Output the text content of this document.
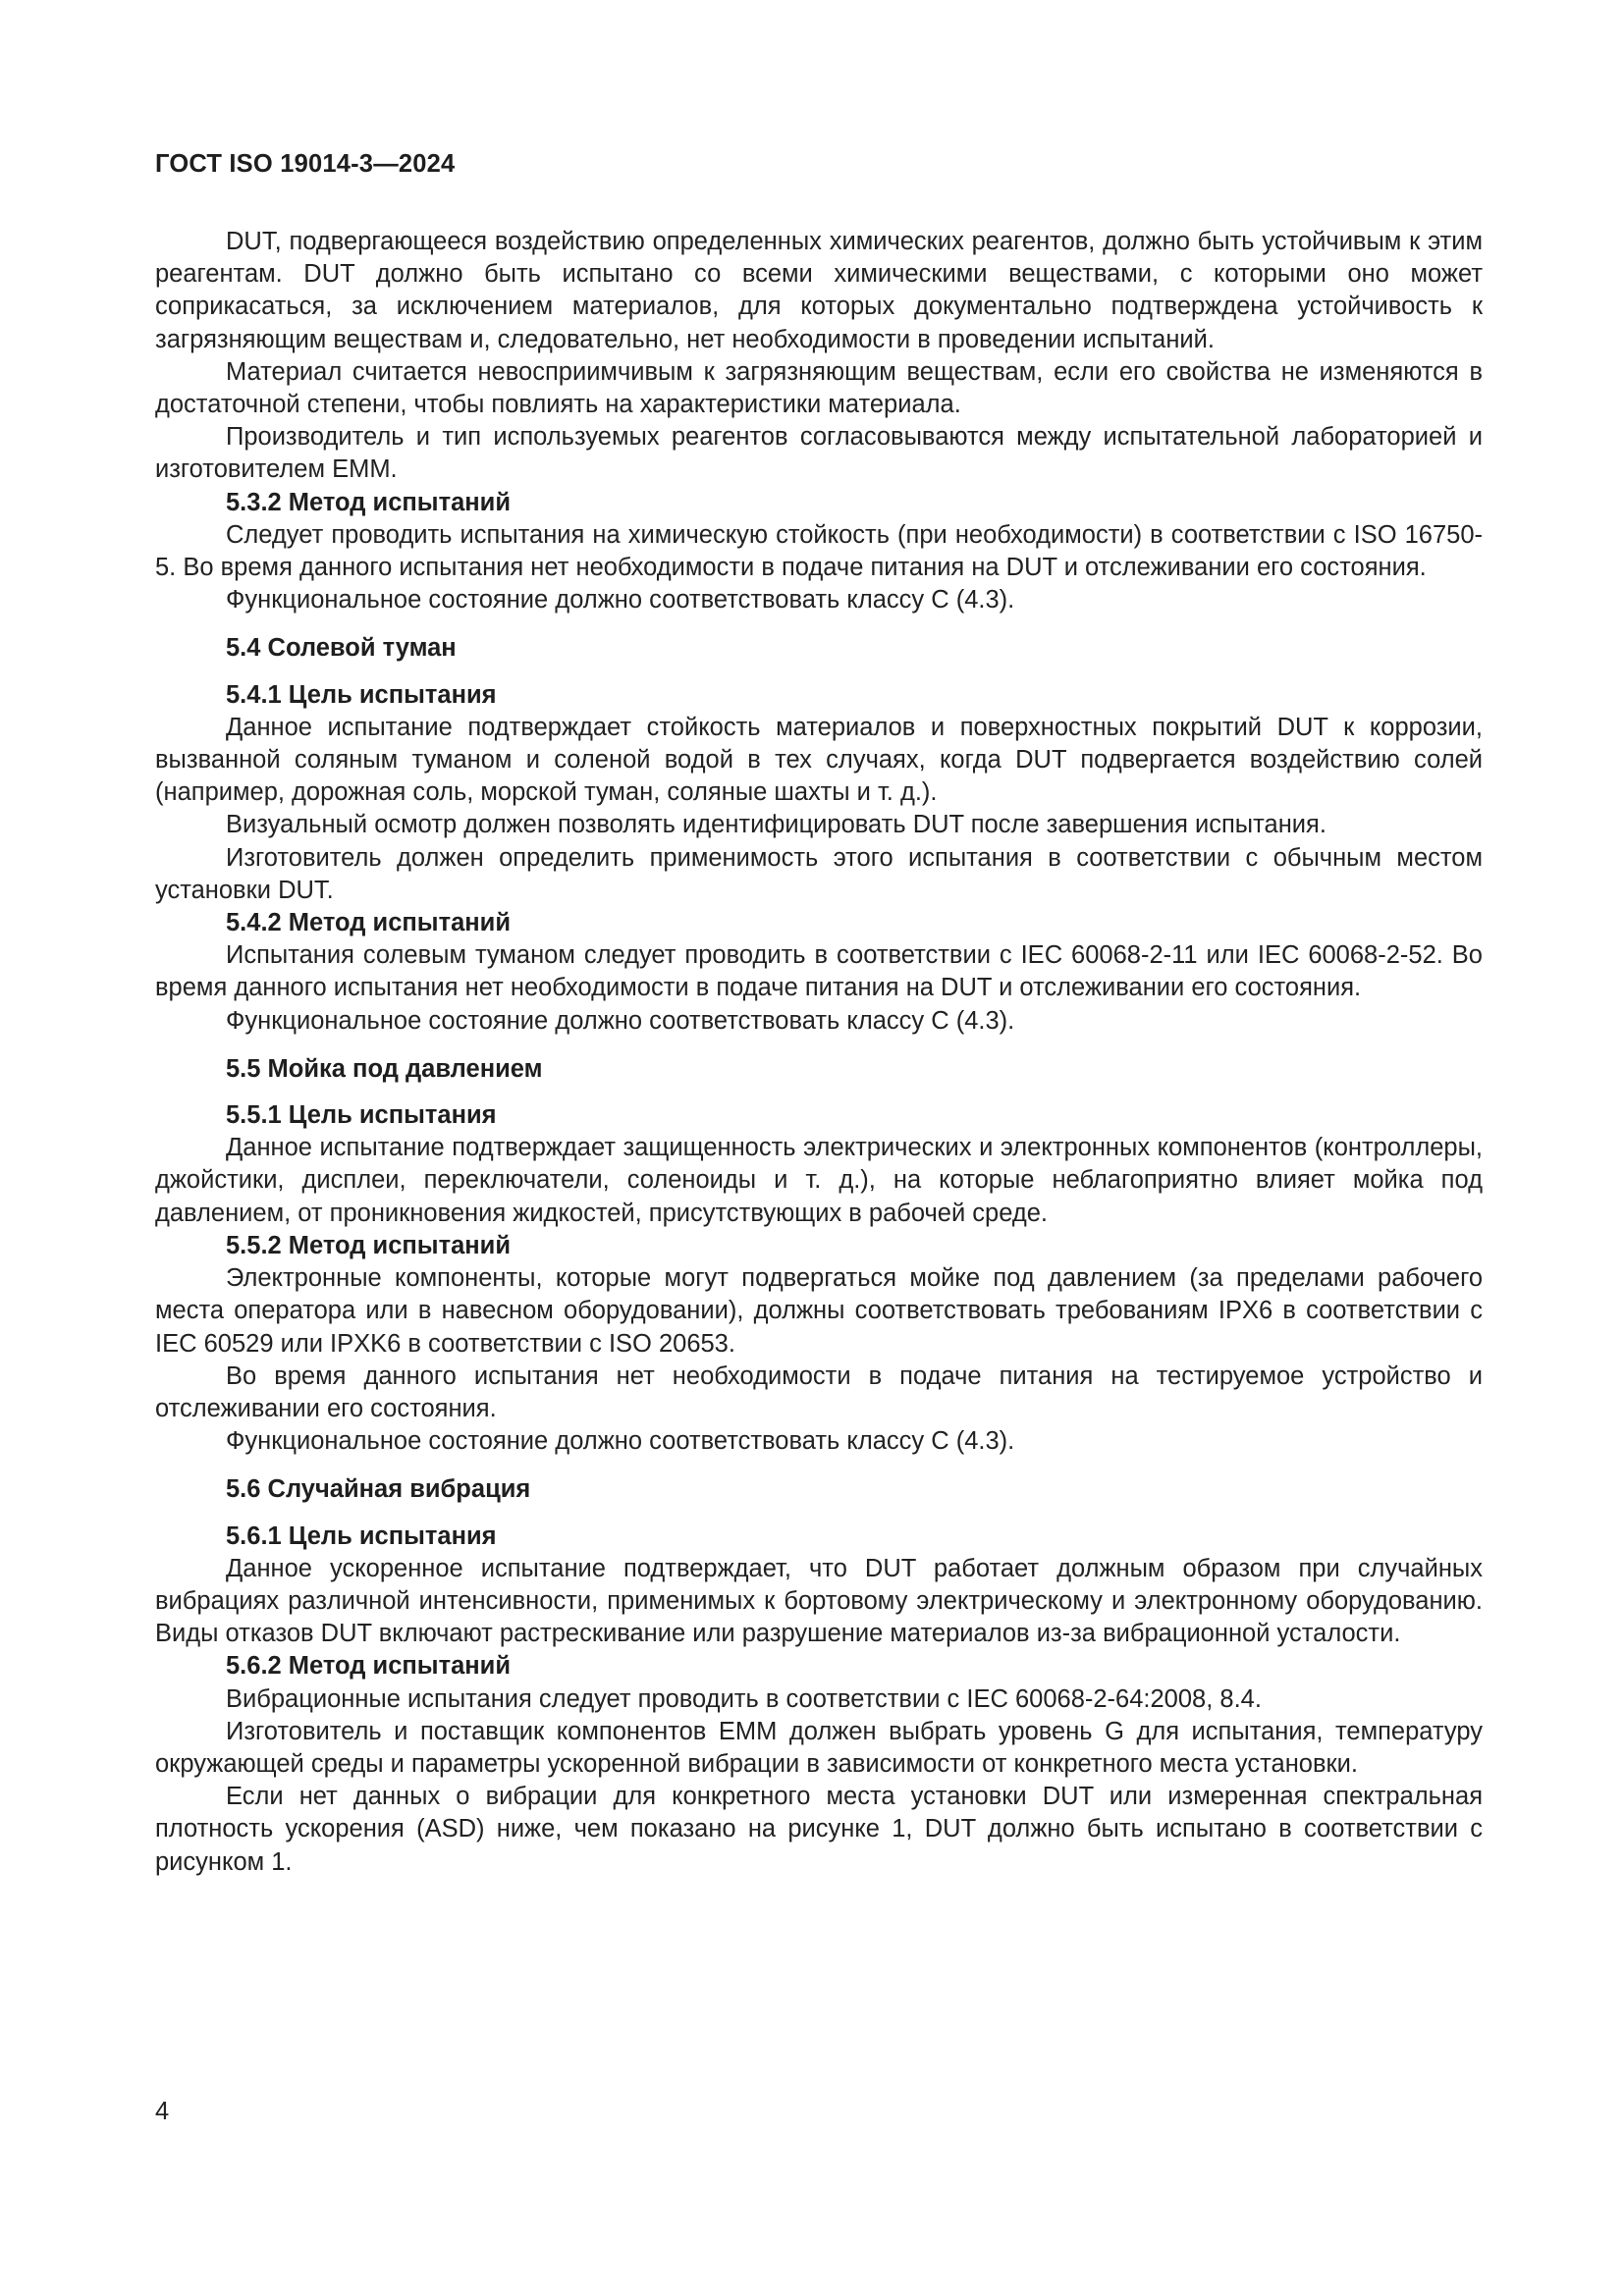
ГОСТ ISO 19014-3—2024

DUT, подвергающееся воздействию определенных химических реагентов, должно быть устойчивым к этим реагентам. DUT должно быть испытано со всеми химическими веществами, с которыми оно может соприкасаться, за исключением материалов, для которых документально подтверждена устойчивость к загрязняющим веществам и, следовательно, нет необходимости в проведении испытаний.

Материал считается невосприимчивым к загрязняющим веществам, если его свойства не изменяются в достаточной степени, чтобы повлиять на характеристики материала.

Производитель и тип используемых реагентов согласовываются между испытательной лабораторией и изготовителем EMM.

5.3.2 Метод испытаний

Следует проводить испытания на химическую стойкость (при необходимости) в соответствии с ISO 16750-5. Во время данного испытания нет необходимости в подаче питания на DUT и отслеживании его состояния.

Функциональное состояние должно соответствовать классу С (4.3).

5.4 Солевой туман
5.4.1 Цель испытания

Данное испытание подтверждает стойкость материалов и поверхностных покрытий DUT к коррозии, вызванной соляным туманом и соленой водой в тех случаях, когда DUT подвергается воздействию солей (например, дорожная соль, морской туман, соляные шахты и т. д.).

Визуальный осмотр должен позволять идентифицировать DUT после завершения испытания.

Изготовитель должен определить применимость этого испытания в соответствии с обычным местом установки DUT.

5.4.2 Метод испытаний

Испытания солевым туманом следует проводить в соответствии с IEC 60068-2-11 или IEC 60068-2-52. Во время данного испытания нет необходимости в подаче питания на DUT и отслеживании его состояния.

Функциональное состояние должно соответствовать классу С (4.3).

5.5 Мойка под давлением
5.5.1 Цель испытания

Данное испытание подтверждает защищенность электрических и электронных компонентов (контроллеры, джойстики, дисплеи, переключатели, соленоиды и т. д.), на которые неблагоприятно влияет мойка под давлением, от проникновения жидкостей, присутствующих в рабочей среде.

5.5.2 Метод испытаний

Электронные компоненты, которые могут подвергаться мойке под давлением (за пределами рабочего места оператора или в навесном оборудовании), должны соответствовать требованиям IPX6 в соответствии с IEC 60529 или IPXK6 в соответствии с ISO 20653.

Во время данного испытания нет необходимости в подаче питания на тестируемое устройство и отслеживании его состояния.

Функциональное состояние должно соответствовать классу С (4.3).

5.6 Случайная вибрация
5.6.1 Цель испытания

Данное ускоренное испытание подтверждает, что DUT работает должным образом при случайных вибрациях различной интенсивности, применимых к бортовому электрическому и электронному оборудованию. Виды отказов DUT включают растрескивание или разрушение материалов из-за вибрационной усталости.

5.6.2 Метод испытаний

Вибрационные испытания следует проводить в соответствии с IEC 60068-2-64:2008, 8.4.

Изготовитель и поставщик компонентов EMM должен выбрать уровень G для испытания, температуру окружающей среды и параметры ускоренной вибрации в зависимости от конкретного места установки.

Если нет данных о вибрации для конкретного места установки DUT или измеренная спектральная плотность ускорения (ASD) ниже, чем показано на рисунке 1, DUT должно быть испытано в соответствии с рисунком 1.

4
